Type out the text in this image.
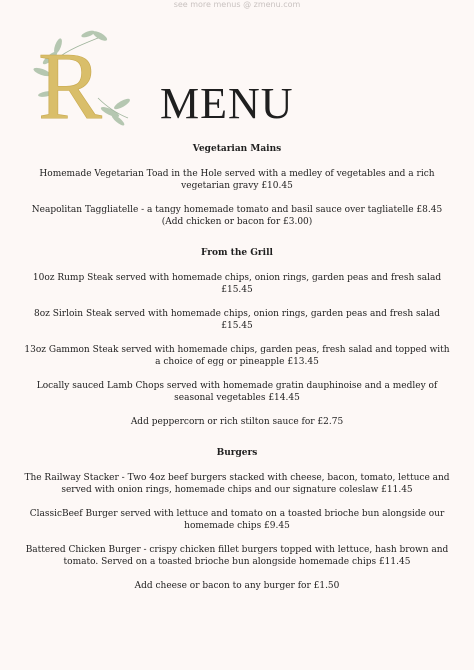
see more menus @ zmenu.com
R MENU

Vegetarian Mains

Homemade Vegetarian Toad in the Hole served with a medley of vegetables and a rich vegetarian gravy £10.45

Neapolitan Taggliatelle - a tangy homemade tomato and basil sauce over tagliatelle £8.45 (Add chicken or bacon for £3.00)

From the Grill

10oz Rump Steak served with homemade chips, onion rings, garden peas and fresh salad £15.45

8oz Sirloin Steak served with homemade chips, onion rings, garden peas and fresh salad £15.45

13oz Gammon Steak served with homemade chips, garden peas, fresh salad and topped with a choice of egg or pineapple £13.45

Locally sauced Lamb Chops served with homemade gratin dauphinoise and a medley of seasonal vegetables £14.45

Add peppercorn or rich stilton sauce for £2.75

Burgers

The Railway Stacker - Two 4oz beef burgers stacked with cheese, bacon, tomato, lettuce and served with onion rings, homemade chips and our signature coleslaw £11.45

ClassicBeef Burger served with lettuce and tomato on a toasted brioche bun alongside our homemade chips £9.45

Battered Chicken Burger - crispy chicken fillet burgers topped with lettuce, hash brown and tomato. Served on a toasted brioche bun alongside homemade chips £11.45

Add cheese or bacon to any burger for £1.50
